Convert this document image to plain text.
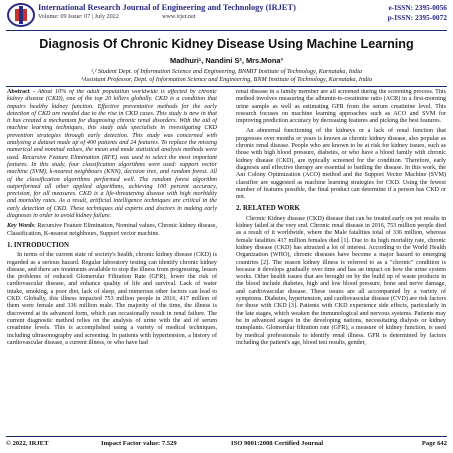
International Research Journal of Engineering and Technology (IRJET)
Volume: 09 Issue: 07 | July 2022	www.irjet.net
e-ISSN: 2395-0056
p-ISSN: 2395-0072
Diagnosis Of Chronic Kidney Disease Using Machine Learning
Madhuri¹, Nandini S², Mrs.Mona³
¹,² Student Dept. of Information Science and Engineering, BNMIT Institute of Technology, Karnataka, India
³Assistant Professor, Dept. of Information Science and Engineering, BNM Institute of Technology, Karnataka, India

Abstract - About 10% of the adult population worldwide is affected by chronic kidney disease (CKD), one of the top 20 killers globally. CKD is a condition that impairs healthy kidney function. Effective preventative methods for the early detection of CKD are needed due to the rise in CKD cases. This study is new in that it has created a mechanism for diagnosing chronic renal disorders. With the aid of machine learning techniques, this study aids specialists in investigating CKD prevention strategies through early detection. This study was concerned with analysing a dataset made up of 400 patients and 24 features. To replace the missing numerical and nominal values, the mean and mode statistical analysis methods were used. Recursive Feature Elimination (RFE) was used to select the most important features. In this study, four classification algorithms were used: support vector machine (SVM), k-nearest neighbours (KNN), decision tree, and random forest. All of the classification algorithms performed well. The random forest algorithm outperformed all other applied algorithms, achieving 100 percent accuracy, precision, for all measures. CKD is a life-threatening disease with high morbidity and mortality rates. As a result, artificial intelligence techniques are critical in the early detection of CKD. These techniques aid experts and doctors in making early diagnoses in order to avoid kidney failure.

Key Words: Recursive Feature Elimination, Nominal values, Chronic kidney disease, Classification, K-nearest neighbours, Support vector machine.

1. INTRODUCTION

In terms of the current state of society's health, chronic kidney disease (CKD) is regarded as a serious hazard. Regular laboratory testing can identify chronic kidney disease, and there are treatments available to stop the illness from progressing, lessen the problems of reduced Glomerular Filtration Rate (GFR), lower the risk of cardiovascular disease, and enhance quality of life and survival. Lack of water intake, smoking, a poor diet, lack of sleep, and numerous other factors can lead to CKD. Globally, this illness impacted 753 million people in 2016, 417 million of them were female and 336 million male. The majority of the time, the illness is discovered at its advanced form, which can occasionally result in renal failure. The current diagnostic method relies on the analysis of urine with the aid of serum creatinine levels. This is accomplished using a variety of medical techniques, including ultrasonography and screening. In patients with hypertension, a history of cardiovascular disease, a current illness, or who have had

renal disease in a family member are all screened during the screening process. This method involves measuring the albumin-to-creatinine ratio (ACR) in a first-morning urine sample as well as estimating GFR from the serum creatinine level. This research focuses on machine learning approaches such as ACO and SVM for improving prediction accuracy by decreasing features and picking the best features.

An abnormal functioning of the kidneys or a lack of renal function that progresses over months or years is known as chronic kidney disease, also popular as chronic renal disease. People who are known to be at risk for kidney issues, such as those with high blood pressure, diabetes, or who have a blood family with chronic kidney disease (CKD), are typically screened for the condition. Therefore, early diagnosis and effective therapy are essential to battling the disease. In this work, the Ant Colony Optimization (ACO) method and the Support Vector Machine (SVM) classifier are suggested as machine learning strategies for CKD. Using the fewest number of features possible, the final product can determine if a person has CKD or not.

2. RELATED WORK

Chronic Kidney disease (CKD) disease that can be treated early on yet results in kidney failed at the very end. Chronic renal disease in 2016, 753 million people died as a result of it worldwide, where the Male fatalities total of 336 million, whereas female fatalities 417 million females died [1]. Due to its high mortality rate, chronic kidney disease (CKD) has attracted a lot of interest. According to the World Health Organization (WHO), chronic diseases have become a major hazard to emerging countries [2]. The reason kidney illness is referred to as a "chronic" condition is because it develops gradually over time and has an impact on how the urine system works. Other health issues that are brought on by the build up of waste products in the blood include diabetes, high and low blood pressure, bone and nerve damage, and cardiovascular disease. These issues are all accompanied by a variety of symptoms. Diabetes, hypertension, and cardiovascular disease (CVD) are risk factors for those with CKD [3]. Patients with CKD experience side effects, particularly in the late stages, which weaken the immunological and nervous systems. Patients may be in advanced stages in the developing nations, necessitating dialysis or kidney transplants. Glomerular filtration rate (GFR), a measure of kidney function, is used by medical professionals to identify renal illness. GFR is determined by factors including the patient's age, blood test results, gender,

© 2022, IRJET	Impact Factor value: 7.529	ISO 9001:2008 Certified Journal	Page 642
